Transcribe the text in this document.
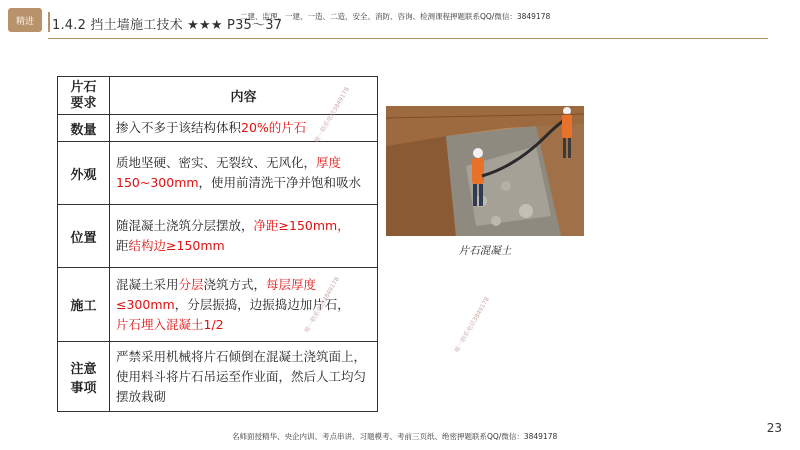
精进	1.4.2 挡土墙施工技术 ★★★ P35～37
二建、监理、一建、一造、二造、安全、消防、咨询、检测课程押题联系QQ/微信：3849178
片石要求	内容
数量	掺入不多于该结构体积20%的片石
外观	质地坚硬、密实、无裂纹、无风化，厚度150~300mm，使用前清洗干净并饱和吸水
位置	随混凝土浇筑分层摆放，净距≥150mm，
距结构边≥150mm
施工	混凝土采用分层浇筑方式，每层厚度≤300mm，分层振捣，边振捣边加片石，
片石埋入混凝土1/2
注意事项	严禁采用机械将片石倾倒在混凝土浇筑面上，使用料斗将片石吊运至作业面，然后人工均匀摆放栽砌
片石混凝土
唯一联系电话3849178
唯一联系电话3849178	唯一联系电话3849178
23
名师面授精华、央企内训、考点串讲、习题模考、考前三页纸、绝密押题联系QQ/微信：3849178
